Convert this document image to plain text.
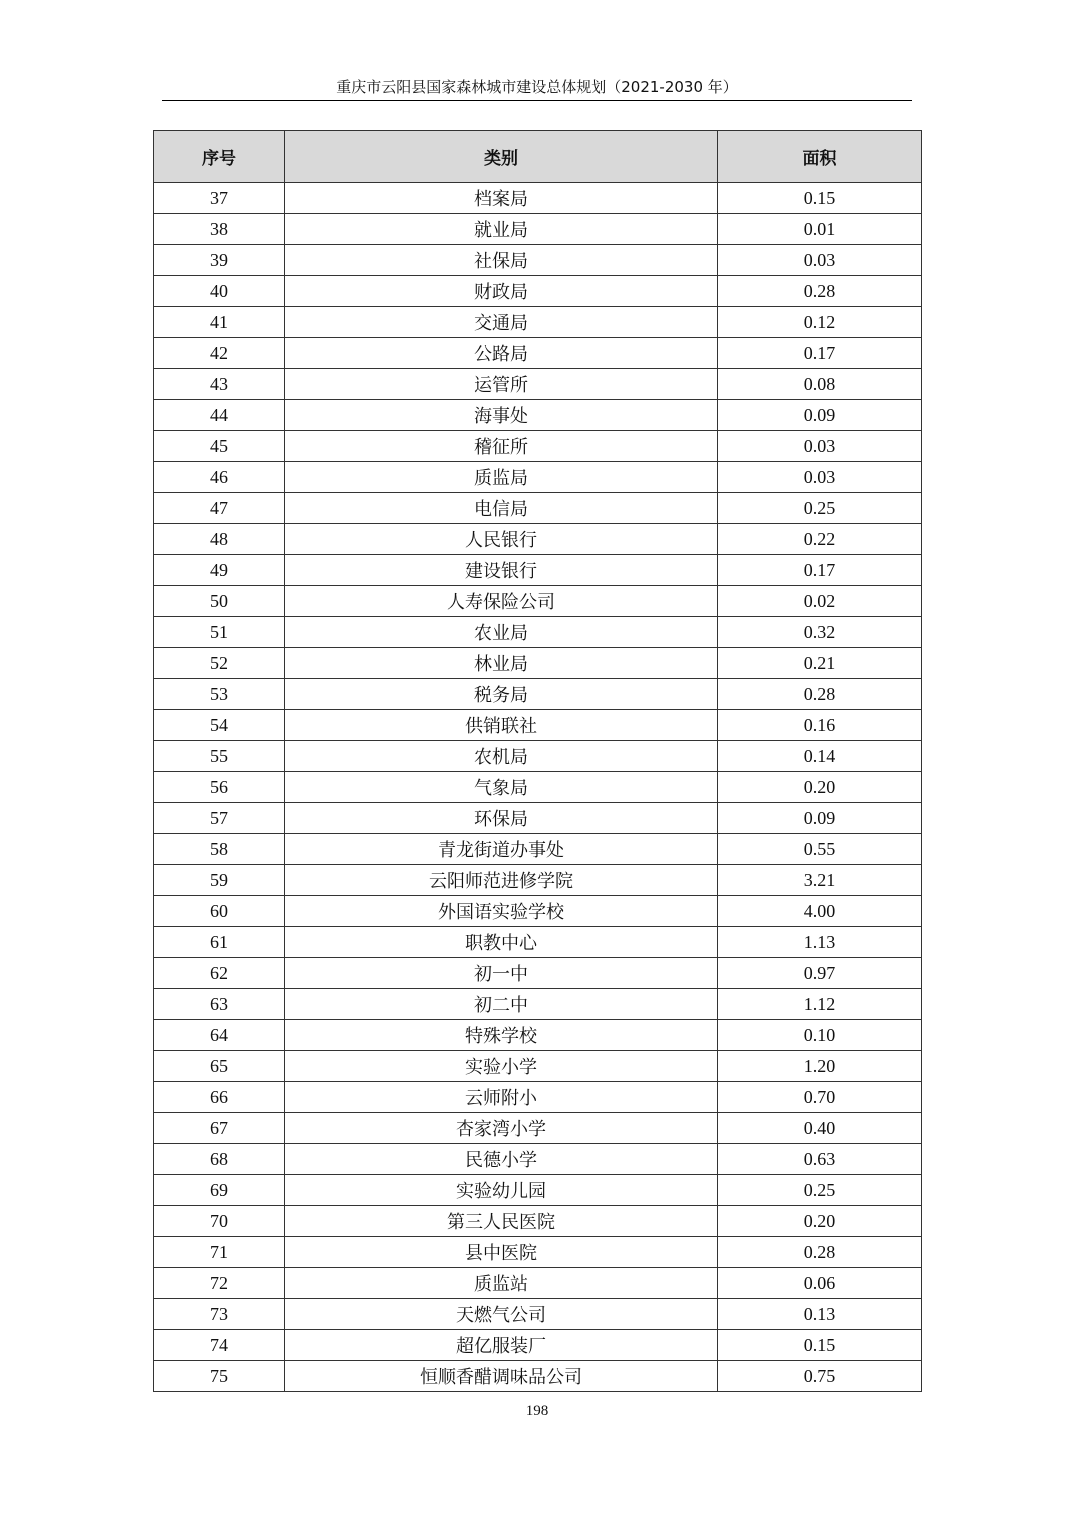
重庆市云阳县国家森林城市建设总体规划（2021-2030 年）
序号	类别	面积
37	档案局	0.15
38	就业局	0.01
39	社保局	0.03
40	财政局	0.28
41	交通局	0.12
42	公路局	0.17
43	运管所	0.08
44	海事处	0.09
45	稽征所	0.03
46	质监局	0.03
47	电信局	0.25
48	人民银行	0.22
49	建设银行	0.17
50	人寿保险公司	0.02
51	农业局	0.32
52	林业局	0.21
53	税务局	0.28
54	供销联社	0.16
55	农机局	0.14
56	气象局	0.20
57	环保局	0.09
58	青龙街道办事处	0.55
59	云阳师范进修学院	3.21
60	外国语实验学校	4.00
61	职教中心	1.13
62	初一中	0.97
63	初二中	1.12
64	特殊学校	0.10
65	实验小学	1.20
66	云师附小	0.70
67	杏家湾小学	0.40
68	民德小学	0.63
69	实验幼儿园	0.25
70	第三人民医院	0.20
71	县中医院	0.28
72	质监站	0.06
73	天燃气公司	0.13
74	超亿服装厂	0.15
75	恒顺香醋调味品公司	0.75
198
